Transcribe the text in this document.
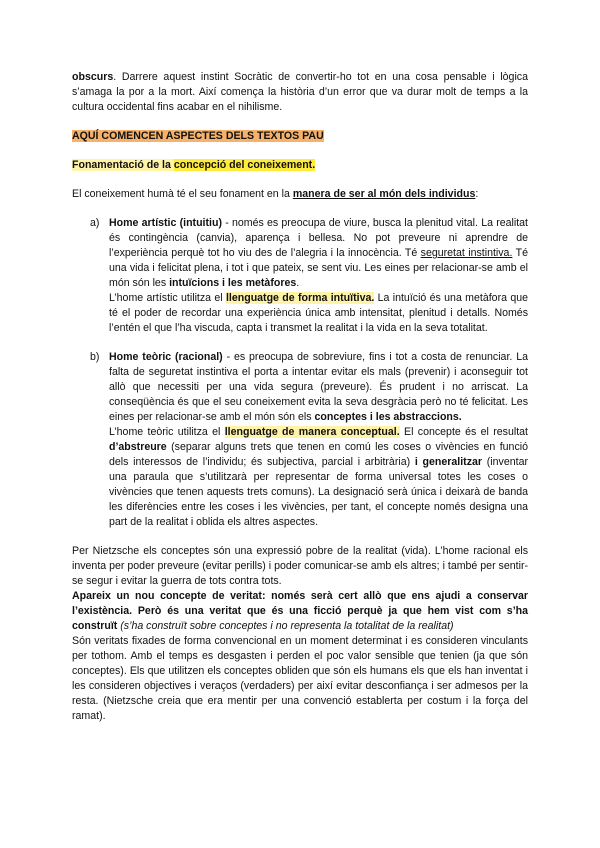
obscurs. Darrere aquest instint Socràtic de convertir-ho tot en una cosa pensable i lògica s’amaga la por a la mort. Així comença la història d’un error que va durar molt de temps a la cultura occidental fins acabar en el nihilisme.

AQUÍ COMENCEN ASPECTES DELS TEXTOS PAU

Fonamentació de la concepció del coneixement.

El coneixement humà té el seu fonament en la manera de ser al món dels individus:

a) Home artístic (intuitiu) - només es preocupa de viure, busca la plenitud vital. La realitat és contingència (canvia), aparença i bellesa. No pot preveure ni aprendre de l’experiència perquè tot ho viu des de l’alegria i la innocència. Té seguretat instintiva. Té una vida i felicitat plena, i tot i que pateix, se sent viu. Les eines per relacionar-se amb el món són les intuïcions i les metàfores.

L’home artístic utilitza el llenguatge de forma intuïtiva. La intuïció és una metàfora que té el poder de recordar una experiència única amb intensitat, plenitud i detalls. Només l’entén el que l’ha viscuda, capta i transmet la realitat i la vida en la seva totalitat.

b) Home teòric (racional) - es preocupa de sobreviure, fins i tot a costa de renunciar. La falta de seguretat instintiva el porta a intentar evitar els mals (prevenir) i aconseguir tot allò que necessiti per una vida segura (preveure). És prudent i no arriscat. La conseqüència és que el seu coneixement evita la seva desgràcia però no té felicitat. Les eines per relacionar-se amb el món són els conceptes i les abstraccions.

L’home teòric utilitza el llenguatge de manera conceptual. El concepte és el resultat d’abstreure (separar alguns trets que tenen en comú les coses o vivències en funció dels interessos de l’individu; és subjectiva, parcial i arbitrària) i generalitzar (inventar una paraula que s’utilitzarà per representar de forma universal totes les coses o vivències que tenen aquests trets comuns). La designació serà única i deixarà de banda les diferències entre les coses i les vivències, per tant, el concepte només designa una part de la realitat i oblida els altres aspectes.

Per Nietzsche els conceptes són una expressió pobre de la realitat (vida). L’home racional els inventa per poder preveure (evitar perills) i poder comunicar-se amb els altres; i també per sentir-se segur i evitar la guerra de tots contra tots.

Apareix un nou concepte de veritat: només serà cert allò que ens ajudi a conservar l’existència. Però és una veritat que és una ficció perquè ja que hem vist com s’ha construït (s’ha construït sobre conceptes i no representa la totalitat de la realitat)

Són veritats fixades de forma convencional en un moment determinat i es consideren vinculants per tothom. Amb el temps es desgasten i perden el poc valor sensible que tenien (ja que són conceptes). Els que utilitzen els conceptes obliden que són els humans els que els han inventat i les consideren objectives i veraços (verdaders) per així evitar desconfiança i ser admesos per la resta. (Nietzsche creia que era mentir per una convenció establerta per costum i la força del ramat).
